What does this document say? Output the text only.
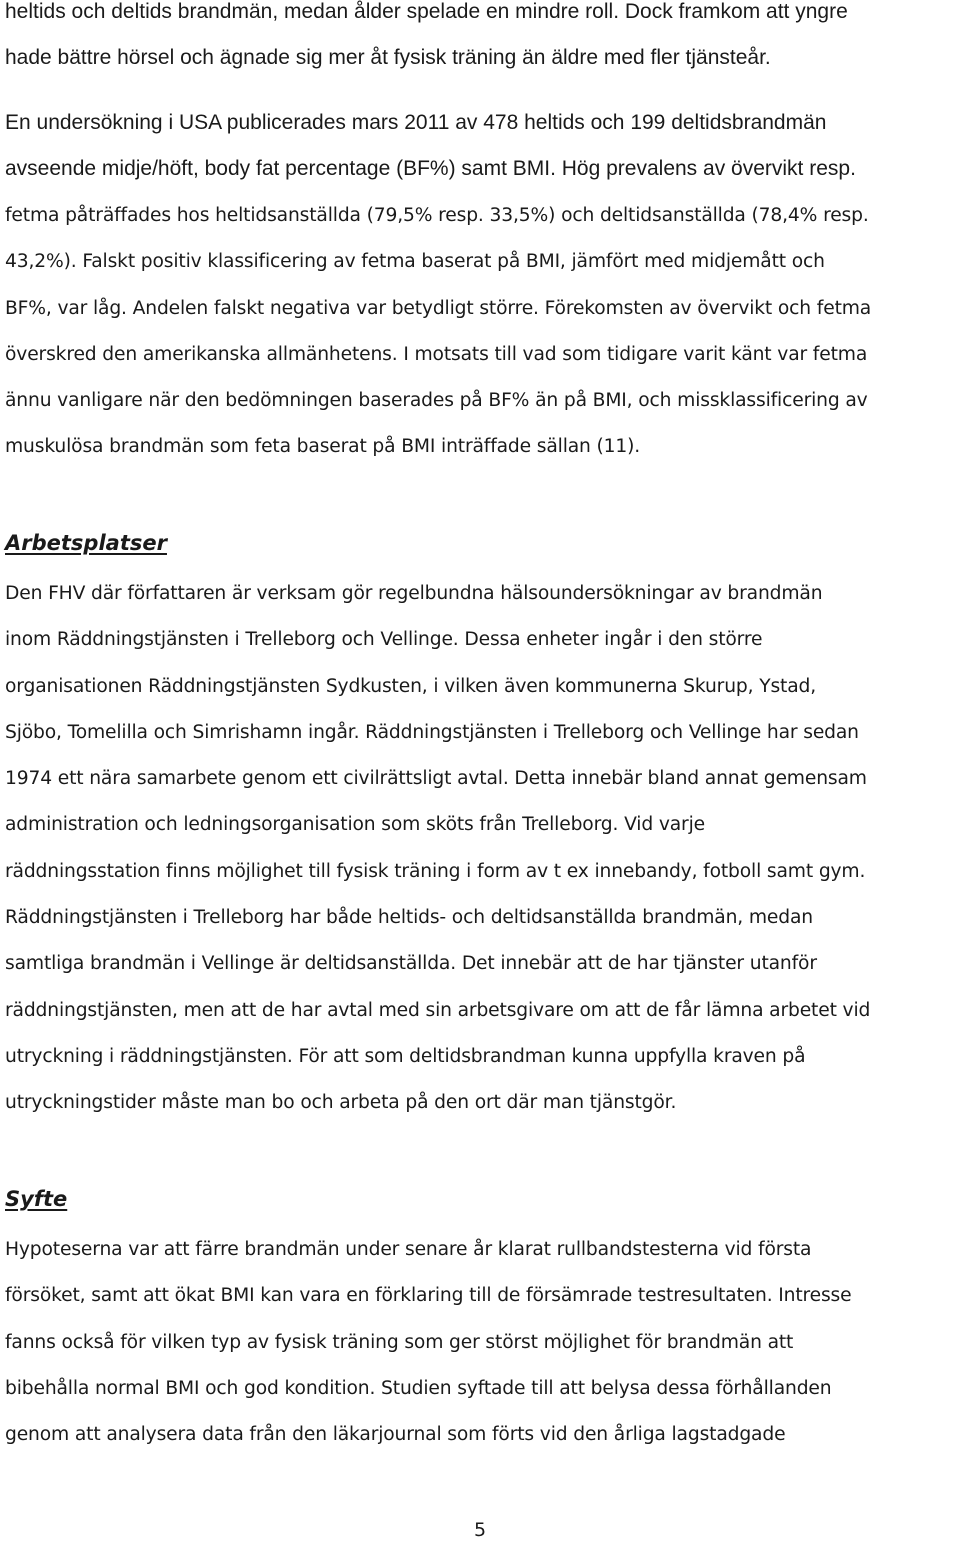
heltids och deltids brandmän, medan ålder spelade en mindre roll. Dock framkom att yngre
hade bättre hörsel och ägnade sig mer åt fysisk träning än äldre med fler tjänsteår.
En undersökning i USA publicerades mars 2011 av 478 heltids och 199 deltidsbrandmän
avseende midje/höft, body fat percentage (BF%) samt BMI. Hög prevalens av övervikt resp.
fetma påträffades hos heltidsanställda (79,5% resp. 33,5%) och deltidsanställda (78,4% resp.
43,2%). Falskt positiv klassificering av fetma baserat på BMI, jämfört med midjemått och
BF%, var låg. Andelen falskt negativa var betydligt större. Förekomsten av övervikt och fetma
överskred den amerikanska allmänhetens. I motsats till vad som tidigare varit känt var fetma
ännu vanligare när den bedömningen baserades på BF% än på BMI, och missklassificering av
muskulösa brandmän som feta baserat på BMI inträffade sällan (11).
Arbetsplatser
Den FHV där författaren är verksam gör regelbundna hälsoundersökningar av brandmän
inom Räddningstjänsten i Trelleborg och Vellinge. Dessa enheter ingår i den större
organisationen Räddningstjänsten Sydkusten, i vilken även kommunerna Skurup, Ystad,
Sjöbo, Tomelilla och Simrishamn ingår. Räddningstjänsten i Trelleborg och Vellinge har sedan
1974 ett nära samarbete genom ett civilrättsligt avtal. Detta innebär bland annat gemensam
administration och ledningsorganisation som sköts från Trelleborg. Vid varje
räddningsstation finns möjlighet till fysisk träning i form av t ex innebandy, fotboll samt gym.
Räddningstjänsten i Trelleborg har både heltids- och deltidsanställda brandmän, medan
samtliga brandmän i Vellinge är deltidsanställda. Det innebär att de har tjänster utanför
räddningstjänsten, men att de har avtal med sin arbetsgivare om att de får lämna arbetet vid
utryckning i räddningstjänsten. För att som deltidsbrandman kunna uppfylla kraven på
utryckningstider måste man bo och arbeta på den ort där man tjänstgör.
Syfte
Hypoteserna var att färre brandmän under senare år klarat rullbandstesterna vid första
försöket, samt att ökat BMI kan vara en förklaring till de försämrade testresultaten. Intresse
fanns också för vilken typ av fysisk träning som ger störst möjlighet för brandmän att
bibehålla normal BMI och god kondition. Studien syftade till att belysa dessa förhållanden
genom att analysera data från den läkarjournal som förts vid den årliga lagstadgade
5
